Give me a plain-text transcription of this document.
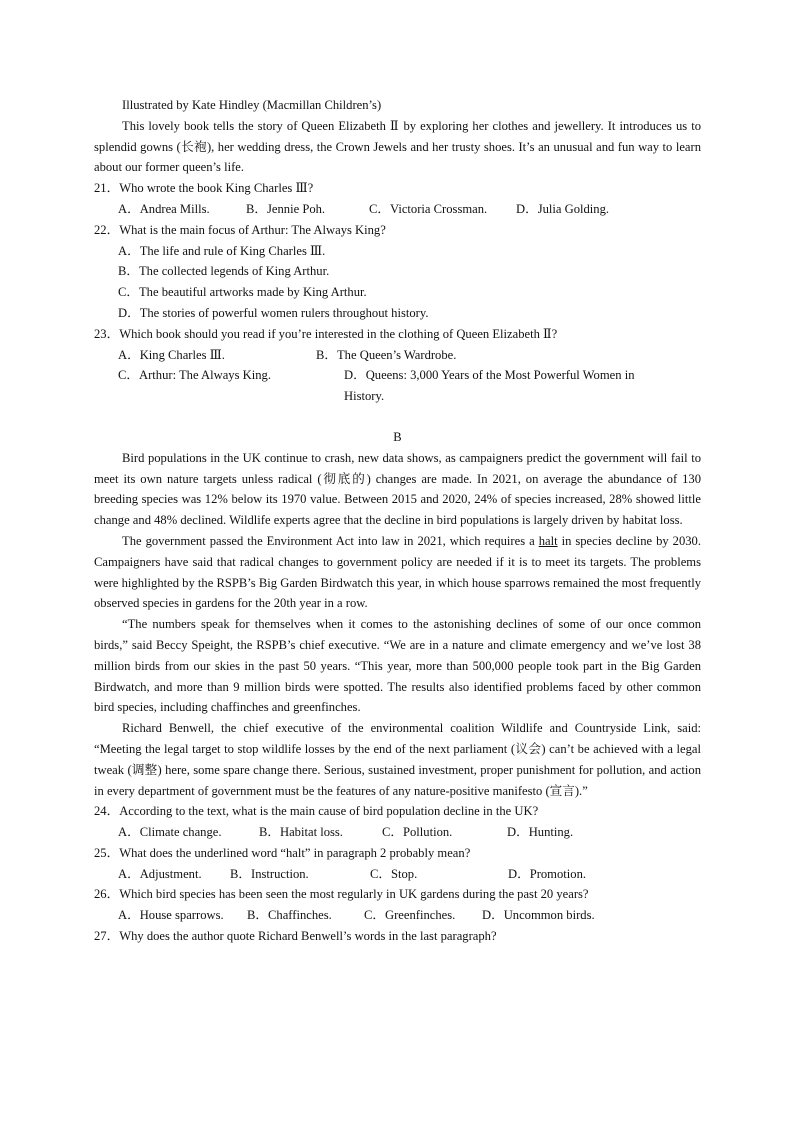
Illustrated by Kate Hindley (Macmillan Children’s)
This lovely book tells the story of Queen Elizabeth Ⅱ by exploring her clothes and jewellery. It introduces us to splendid gowns (长袍), her wedding dress, the Crown Jewels and her trusty shoes. It’s an unusual and fun way to learn about our former queen’s life.
21．Who wrote the book King Charles Ⅲ?
A．Andrea Mills.	B．Jennie Poh.	C．Victoria Crossman.	D．Julia Golding.
22．What is the main focus of Arthur: The Always King?
A．The life and rule of King Charles Ⅲ.
B．The collected legends of King Arthur.
C．The beautiful artworks made by King Arthur.
D．The stories of powerful women rulers throughout history.
23．Which book should you read if you’re interested in the clothing of Queen Elizabeth Ⅱ?
A．King Charles Ⅲ.	B．The Queen’s Wardrobe.
C．Arthur: The Always King.	D．Queens: 3,000 Years of the Most Powerful Women in History.
B
Bird populations in the UK continue to crash, new data shows, as campaigners predict the government will fail to meet its own nature targets unless radical (彻底的) changes are made. In 2021, on average the abundance of 130 breeding species was 12% below its 1970 value. Between 2015 and 2020, 24% of species increased, 28% showed little change and 48% declined. Wildlife experts agree that the decline in bird populations is largely driven by habitat loss.
The government passed the Environment Act into law in 2021, which requires a halt in species decline by 2030. Campaigners have said that radical changes to government policy are needed if it is to meet its targets. The problems were highlighted by the RSPB’s Big Garden Birdwatch this year, in which house sparrows remained the most frequently observed species in gardens for the 20th year in a row.
“The numbers speak for themselves when it comes to the astonishing declines of some of our once common birds,” said Beccy Speight, the RSPB’s chief executive. “We are in a nature and climate emergency and we’ve lost 38 million birds from our skies in the past 50 years. “This year, more than 500,000 people took part in the Big Garden Birdwatch, and more than 9 million birds were spotted. The results also identified problems faced by other common bird species, including chaffinches and greenfinches.
Richard Benwell, the chief executive of the environmental coalition Wildlife and Countryside Link, said: “Meeting the legal target to stop wildlife losses by the end of the next parliament (议会) can’t be achieved with a legal tweak (调整) here, some spare change there. Serious, sustained investment, proper punishment for pollution, and action in every department of government must be the features of any nature-positive manifesto (宣言).”
24．According to the text, what is the main cause of bird population decline in the UK?
A．Climate change.	B．Habitat loss.	C．Pollution.	D．Hunting.
25．What does the underlined word “halt” in paragraph 2 probably mean?
A．Adjustment.	B．Instruction.	C．Stop.	D．Promotion.
26．Which bird species has been seen the most regularly in UK gardens during the past 20 years?
A．House sparrows.	B．Chaffinches.	C．Greenfinches.	D．Uncommon birds.
27．Why does the author quote Richard Benwell’s words in the last paragraph?
